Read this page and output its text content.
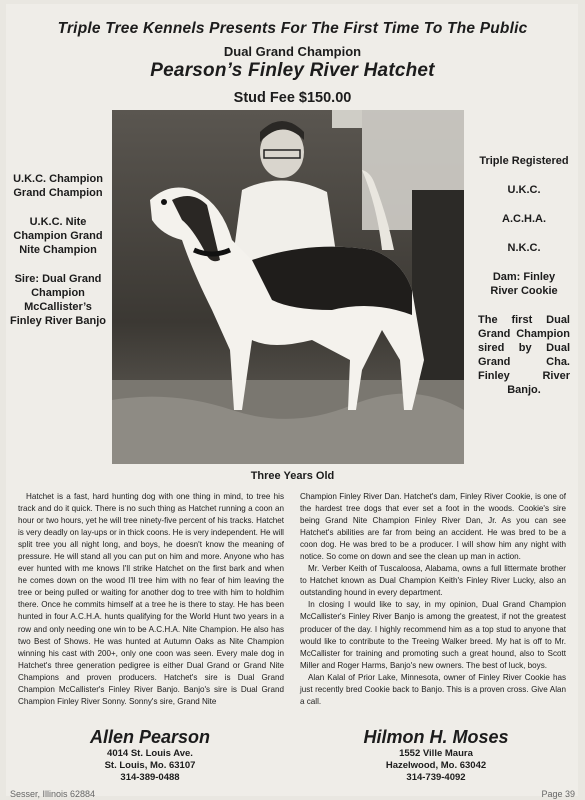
Triple Tree Kennels Presents For The First Time To The Public
Dual Grand Champion
Pearson’s Finley River Hatchet
Stud Fee $150.00

U.K.C. Champion Grand Champion

U.K.C. Nite Champion Grand Nite Champion

Sire: Dual Grand Champion McCallister’s Finley River Banjo

Triple Registered

U.K.C.

A.C.H.A.

N.K.C.

Dam: Finley River Cookie

The first Dual Grand Champion sired by Dual Grand Cha. Finley River Banjo.

Three Years Old

Hatchet is a fast, hard hunting dog with one thing in mind, to tree his track and do it quick. There is no such thing as Hatchet running a coon an hour or two hours, yet he will tree ninety-five percent of his tracks. Hatchet is very deadly on lay-ups or in thick coons. He is very independent. He will split tree you all night long, and boys, he doesn't know the meaning of pressure. He will stand all you can put on him and more. Anyone who has ever hunted with me knows I'll strike Hatchet on the first bark and when he comes down on the wood I'll tree him with no fear of him leaving the tree or being pulled or waiting for another dog to tree with him to holdhim there. Once he commits himself at a tree he is there to stay. He has been hunted in four A.C.H.A. hunts qualifying for the World Hunt two years in a row and only needing one win to be A.C.H.A. Nite Champion. He also has two Best of Shows. He was hunted at Autumn Oaks as Nite Champion winning his cast with 200+, only one coon was seen. Every male dog in Hatchet's three generation pedigree is either Dual Grand or Grand Nite Champions and proven producers. Hatchet's sire is Dual Grand Champion McCallister's Finley River Banjo. Banjo's sire is Dual Grand Champion Finley River Sonny. Sonny's sire, Grand Nite

Champion Finley River Dan. Hatchet's dam, Finley River Cookie, is one of the hardest tree dogs that ever set a foot in the woods. Cookie's sire being Grand Nite Champion Finley River Dan, Jr. As you can see Hatchet's abilities are far from being an accident. He was bred to be a coon dog. He was bred to be a producer. I will show him any night with notice. So come on down and see the clean up man in action.

Mr. Verber Keith of Tuscaloosa, Alabama, owns a full littermate brother to Hatchet known as Dual Champion Keith's Finley River Lucky, also an outstanding hound in every department.

In closing I would like to say, in my opinion, Dual Grand Champion McCallister's Finley River Banjo is among the greatest, if not the greatest producer of the day. I highly recommend him as a top stud to anyone that would like to contribute to the Treeing Walker breed. My hat is off to Mr. McCallister for training and promoting such a great hound, also to Scott Miller and Roger Harms, Banjo's new owners. The best of luck, boys.

Alan Kalal of Prior Lake, Minnesota, owner of Finley River Cookie has just recently bred Cookie back to Banjo. This is a proven cross. Give Alan a call.

Allen Pearson
4014 St. Louis Ave.
St. Louis, Mo. 63107
314-389-0488
Hilmon H. Moses
1552 Ville Maura
Hazelwood, Mo. 63042
314-739-4092
Sesser, Illinois 62884	Page 39
